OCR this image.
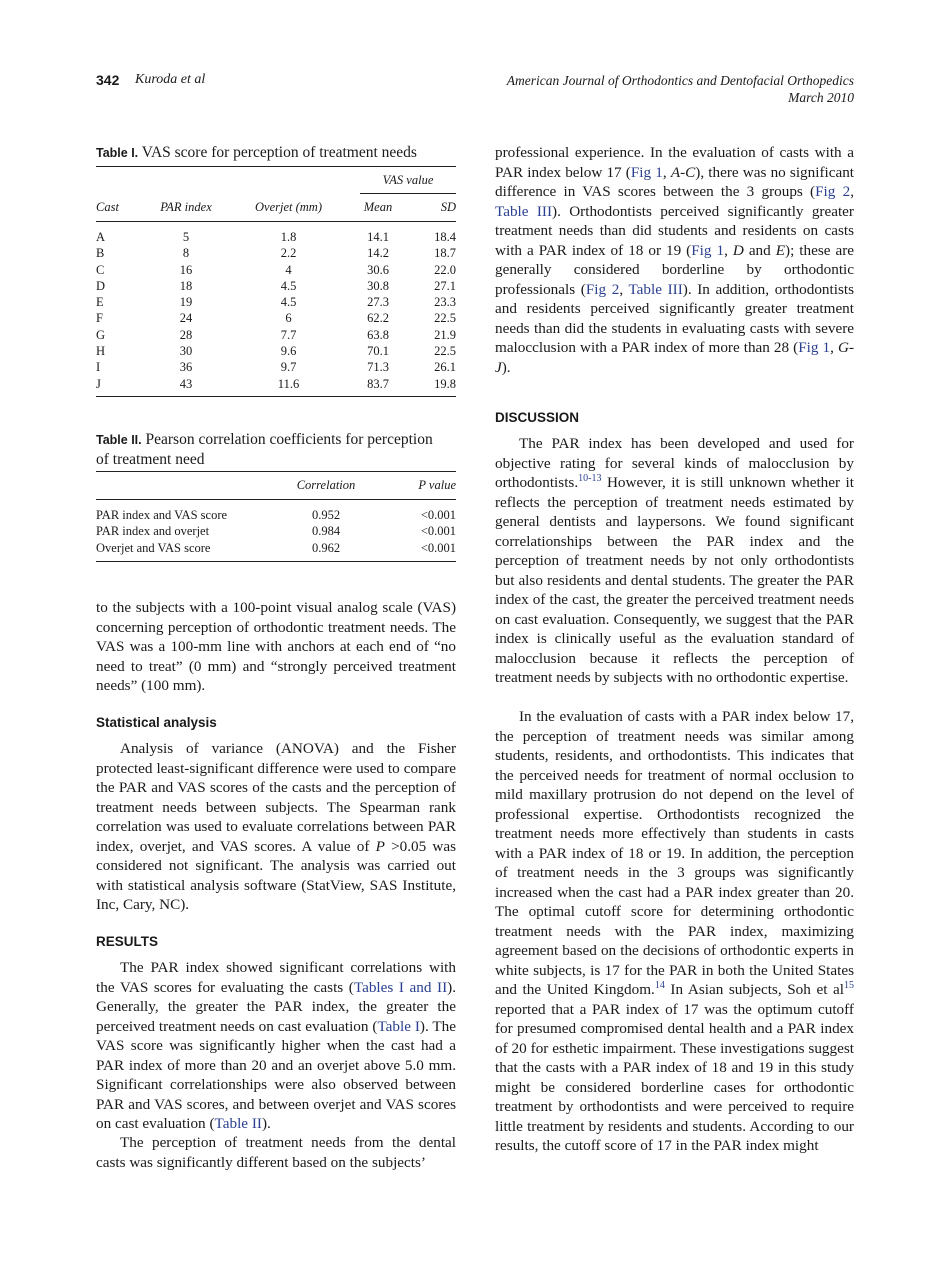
342 Kuroda et al	American Journal of Orthodontics and Dentofacial Orthopedics
March 2010
Table I. VAS score for perception of treatment needs
VAS value
Cast	PAR index	Overjet (mm)	Mean	SD
A	5	1.8	14.1	18.4
B	8	2.2	14.2	18.7
C	16	4	30.6	22.0
D	18	4.5	30.8	27.1
E	19	4.5	27.3	23.3
F	24	6	62.2	22.5
G	28	7.7	63.8	21.9
H	30	9.6	70.1	22.5
I	36	9.7	71.3	26.1
J	43	11.6	83.7	19.8
Table II. Pearson correlation coefficients for perception
of treatment need
Correlation	P value
PAR index and VAS score	0.952	<0.001
PAR index and overjet	0.984	<0.001
Overjet and VAS score	0.962	<0.001
to the subjects with a 100-point visual analog scale (VAS) concerning perception of orthodontic treatment needs. The VAS was a 100-mm line with anchors at each end of “no need to treat” (0 mm) and “strongly perceived treatment needs” (100 mm).
Statistical analysis
Analysis of variance (ANOVA) and the Fisher protected least-significant difference were used to compare the PAR and VAS scores of the casts and the perception of treatment needs between subjects. The Spearman rank correlation was used to evaluate correlations between PAR index, overjet, and VAS scores. A value of P >0.05 was considered not significant. The analysis was carried out with statistical analysis software (StatView, SAS Institute, Inc, Cary, NC).
RESULTS
The PAR index showed significant correlations with the VAS scores for evaluating the casts (Tables I and II). Generally, the greater the PAR index, the greater the perceived treatment needs on cast evaluation (Table I). The VAS score was significantly higher when the cast had a PAR index of more than 20 and an overjet above 5.0 mm. Significant correlationships were also observed between PAR and VAS scores, and between overjet and VAS scores on cast evaluation (Table II).
The perception of treatment needs from the dental casts was significantly different based on the subjects’
professional experience. In the evaluation of casts with a PAR index below 17 (Fig 1, A-C), there was no significant difference in VAS scores between the 3 groups (Fig 2, Table III). Orthodontists perceived significantly greater treatment needs than did students and residents on casts with a PAR index of 18 or 19 (Fig 1, D and E); these are generally considered borderline by orthodontic professionals (Fig 2, Table III). In addition, orthodontists and residents perceived significantly greater treatment needs than did the students in evaluating casts with severe malocclusion with a PAR index of more than 28 (Fig 1, G-J).
DISCUSSION
The PAR index has been developed and used for objective rating for several kinds of malocclusion by orthodontists.$^{10-13}$ However, it is still unknown whether it reflects the perception of treatment needs estimated by general dentists and laypersons. We found significant correlationships between the PAR index and the perception of treatment needs by not only orthodontists but also residents and dental students. The greater the PAR index of the cast, the greater the perceived treatment needs on cast evaluation. Consequently, we suggest that the PAR index is clinically useful as the evaluation standard of malocclusion because it reflects the perception of treatment needs by subjects with no orthodontic expertise.
In the evaluation of casts with a PAR index below 17, the perception of treatment needs was similar among students, residents, and orthodontists. This indicates that the perceived needs for treatment of normal occlusion to mild maxillary protrusion do not depend on the level of professional expertise. Orthodontists recognized the treatment needs more effectively than students in casts with a PAR index of 18 or 19. In addition, the perception of treatment needs in the 3 groups was significantly increased when the cast had a PAR index greater than 20. The optimal cutoff score for determining orthodontic treatment needs with the PAR index, maximizing agreement based on the decisions of orthodontic experts in white subjects, is 17 for the PAR in both the United States and the United Kingdom.$^{14}$ In Asian subjects, Soh et $al^{15}$ reported that a PAR index of 17 was the optimum cutoff for presumed compromised dental health and a PAR index of 20 for esthetic impairment. These investigations suggest that the casts with a PAR index of 18 and 19 in this study might be considered borderline cases for orthodontic treatment by orthodontists and were perceived to require little treatment by residents and students. According to our results, the cutoff score of 17 in the PAR index might
